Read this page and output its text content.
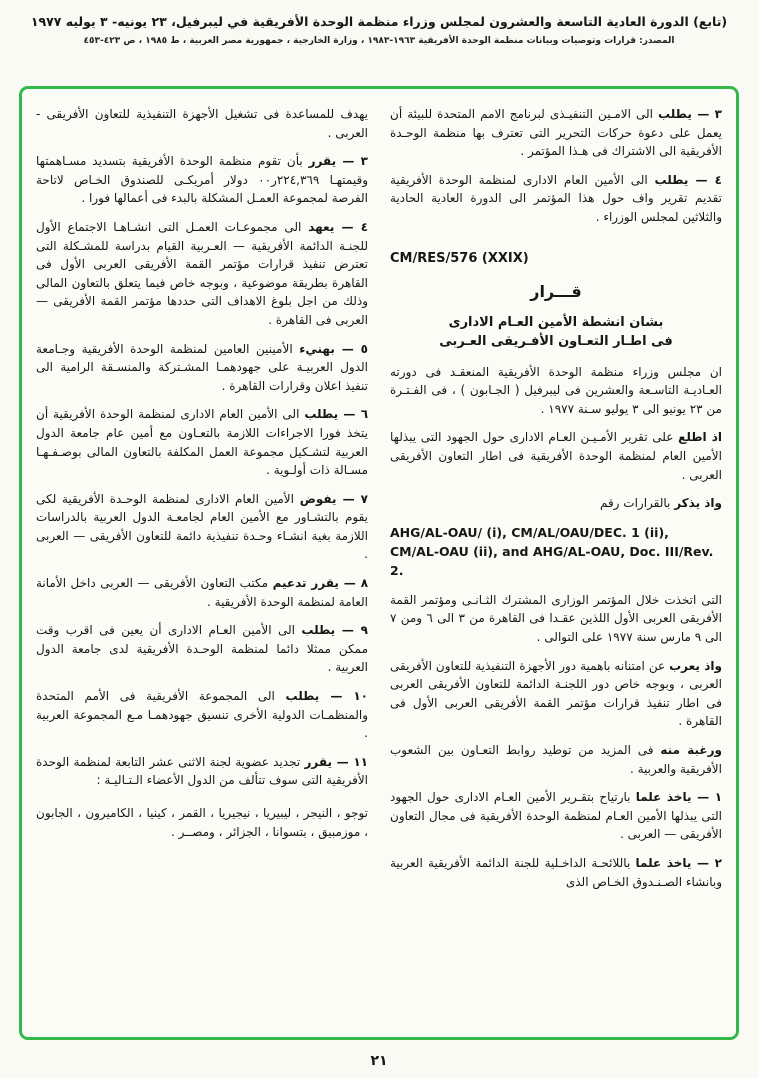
(تابع) الدورة العادية التاسعة والعشرون لمجلس وزراء منظمة الوحدة الأفريقية في ليبرفيل، ٢٣ يونيه- ٣ يوليه ١٩٧٧
المصدر: قرارات وتوصيات وبيانات منظمة الوحدة الأفريقية ١٩٦٣-١٩٨٣ ، وزارة الخارجية ، جمهورية مصر العربية ، ط ١٩٨٥ ، ص ٤٢٣-٤٥٣

٣ — يطلب الى الامـين التنفيـذى لبرنامج الامم المتحدة للبيئة أن يعمل على دعوة حركات التحرير التى تعترف بها منظمة الوحـدة الأفريقية الى الاشتراك فى هـذا المؤتمر .

٤ — يطلب الى الأمين العام الادارى لمنظمة الوحدة الأفريقية تقديم تقرير واف حول هذا المؤتمر الى الدورة العادية الحادية والثلاثين لمجلس الوزراء .

CM/RES/576 (XXIX)

قـــرار
بشان انشطة الأمين العـام الادارى
فى اطـار التعـاون الأفـريقى العـربى

ان مجلس وزراء منظمة الوحدة الأفريقية المنعقـد فى دورته العـاديـة التاسـعة والعشرين فى ليبرفيل ( الجـابون ) ، فى الفـتـرة من ٢٣ يونيو الى ٣ يوليو سـنة ١٩٧٧ .

اذ اطلع على تقرير الأمـيـن العـام الادارى حول الجهود التى يبذلها الأمين العام لمنظمة الوحدة الأفريقية فى اطار التعاون الأفريقى العربى .

واذ يذكر بالقرارات رقم

AHG/AL-OAU/ (i), CM/AL/OAU/DEC. 1 (ii), CM/AL-OAU (ii), and AHG/AL-OAU, Doc. III/Rev. 2.

التى اتخذت خلال المؤتمر الوزارى المشترك الثـانـى ومؤتمر القمة الأفريقى العربى الأول اللذين عقـدا فى القاهرة من ٣ الى ٦ ومن ٧ الى ٩ مارس سنة ١٩٧٧ على التوالى .

واذ يعرب عن امتنانه باهمية دور الأجهزة التنفيذية للتعاون الأفريقى العربى ، وبوجه خاص دور اللجنـة الدائمة للتعاون الأفريقى العربى فى اطار تنفيذ قرارات مؤتمر القمة الأفريقى العربى الأول فى القاهرة .

ورغبة منه فى المزيد من توطيد روابط التعـاون بين الشعوب الأفريقية والعربية .

١ — ياخذ علما بارتياح بتقـرير الأمين العـام الادارى حول الجهود التى يبذلها الأمين العـام لمنظمة الوحدة الأفريقية فى مجال التعاون الأفريقى — العربى .

٢ — ياخذ علما باللائحـة الداخـلية للجنة الدائمة الأفريقية العربية وبانشاء الصـنـدوق الخـاص الذى

يهدف للمساعدة فى تشغيل الأجهزة التنفيذية للتعاون الأفريقى - العربى .

٣ — يقرر بأن تقوم منظمة الوحدة الأفريقية بتسديد مسـاهمتها وقيمتهـا ٢٢٤,٣٦٩ر٠٠ دولار أمريكـى للصندوق الخـاص لاتاحة الفرصة لمجموعة العمـل المشكلة بالبدء فى أعمالها فورا .

٤ — يعهد الى مجموعـات العمـل التى انشـاهـا الاجتماع الأول للجنـة الدائمة الأفريقية — العـربية القيام بدراسة للمشـكلة التى تعترض تنفيذ قرارات مؤتمر القمة الأفريقى العربى الأول فى القاهرة بطريقة موضوعية ، وبوجه خاص فيما يتعلق بالتعاون المالى وذلك من اجل بلوغ الاهداف التى حددها مؤتمر القمة الأفريقى — العربى فى القاهرة .

٥ — بهنيء الأمينين العامين لمنظمة الوحدة الأفريقية وجـامعة الدول العربيـة على جهودهمـا المشـتركة والمنسـقة الرامية الى تنفيذ اعلان وقرارات القاهرة .

٦ — يطلب الى الأمين العام الادارى لمنظمة الوحدة الأفريقية أن يتخذ فورا الاجراءات اللازمة بالتعـاون مع أمين عام جامعة الدول العربية لتشـكيل مجموعة العمل المكلفة بالتعاون المالى بوصـفـهـا مسـالة ذات أولـوية .

٧ — يفوض الأمين العام الادارى لمنظمة الوحـدة الأفريقية لكى يقوم بالتشـاور مع الأمين العام لجامعـة الدول العربية بالدراسات اللازمة بغية انشـاء وحـدة تنفيذية دائمة للتعاون الأفريقى — العربى .

٨ — يقرر تدعيم مكتب التعاون الأفريقى — العربى داخل الأمانة العامة لمنظمة الوحدة الأفريقية .

٩ — يطلب الى الأمين العـام الادارى أن يعين فى اقرب وقت ممكن ممثلا دائما لمنظمة الوحـدة الأفريقية لدى جامعة الدول العربية .

١٠ — يطلب الى المجموعة الأفريقية فى الأمم المتحدة والمنظمـات الدولية الأخرى تنسيق جهودهمـا مـع المجموعة العربية .

١١ — يقرر تجديد عضوية لجنة الاثنى عشر التابعة لمنظمة الوحدة الأفريقية التى سوف تتألف من الدول الأعضاء الـتـاليـة :

توجو ، النيجر ، ليبيريا ، نيجيريا ، القمر ، كينيا ، الكاميرون ، الجابون ، موزمبيق ، بتسوانا ، الجزائر ، ومصــر .

٢١
